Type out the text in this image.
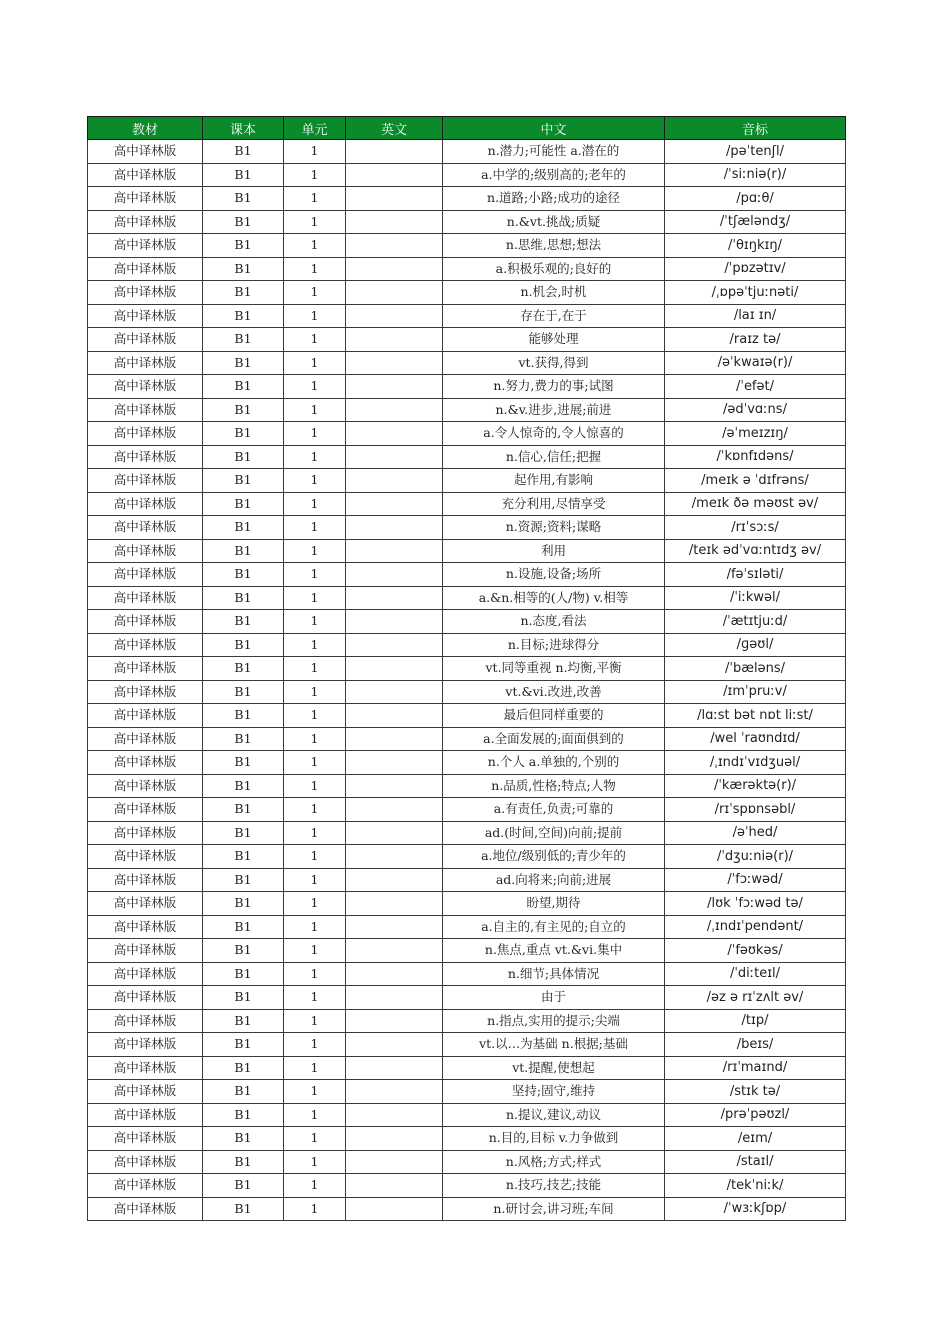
教材	课本	单元	英文	中文	音标
高中译林版	B1	1		n.潜力;可能性 a.潜在的	/pəˈtenʃl/
高中译林版	B1	1		a.中学的;级别高的;老年的	/ˈsiːniə(r)/
高中译林版	B1	1		n.道路;小路;成功的途径	/pɑːθ/
高中译林版	B1	1		n.&vt.挑战;质疑	/ˈtʃæləndʒ/
高中译林版	B1	1		n.思维,思想;想法	/ˈθɪŋkɪŋ/
高中译林版	B1	1		a.积极乐观的;良好的	/ˈpɒzətɪv/
高中译林版	B1	1		n.机会,时机	/ˌɒpəˈtjuːnəti/
高中译林版	B1	1		存在于,在于	/laɪ ɪn/
高中译林版	B1	1		能够处理	/raɪz tə/
高中译林版	B1	1		vt.获得,得到	/əˈkwaɪə(r)/
高中译林版	B1	1		n.努力,费力的事;试图	/ˈefət/
高中译林版	B1	1		n.&v.进步,进展;前进	/ədˈvɑːns/
高中译林版	B1	1		a.令人惊奇的,令人惊喜的	/əˈmeɪzɪŋ/
高中译林版	B1	1		n.信心,信任;把握	/ˈkɒnfɪdəns/
高中译林版	B1	1		起作用,有影响	/meɪk ə ˈdɪfrəns/
高中译林版	B1	1		充分利用,尽情享受	/meɪk ðə məʊst əv/
高中译林版	B1	1		n.资源;资料;谋略	/rɪˈsɔːs/
高中译林版	B1	1		利用	/teɪk ədˈvɑːntɪdʒ əv/
高中译林版	B1	1		n.设施,设备;场所	/fəˈsɪləti/
高中译林版	B1	1		a.&n.相等的(人/物) v.相等	/ˈiːkwəl/
高中译林版	B1	1		n.态度,看法	/ˈætɪtjuːd/
高中译林版	B1	1		n.目标;进球得分	/ɡəʊl/
高中译林版	B1	1		vt.同等重视 n.均衡,平衡	/ˈbæləns/
高中译林版	B1	1		vt.&vi.改进,改善	/ɪmˈpruːv/
高中译林版	B1	1		最后但同样重要的	/lɑːst bət nɒt liːst/
高中译林版	B1	1		a.全面发展的;面面俱到的	/wel ˈraʊndɪd/
高中译林版	B1	1		n.个人 a.单独的,个别的	/ˌɪndɪˈvɪdʒuəl/
高中译林版	B1	1		n.品质,性格;特点;人物	/ˈkærəktə(r)/
高中译林版	B1	1		a.有责任,负责;可靠的	/rɪˈspɒnsəbl/
高中译林版	B1	1		ad.(时间,空间)向前;提前	/əˈhed/
高中译林版	B1	1		a.地位/级别低的;青少年的	/ˈdʒuːniə(r)/
高中译林版	B1	1		ad.向将来;向前;进展	/ˈfɔːwəd/
高中译林版	B1	1		盼望,期待	/lʊk ˈfɔːwəd tə/
高中译林版	B1	1		a.自主的,有主见的;自立的	/ˌɪndɪˈpendənt/
高中译林版	B1	1		n.焦点,重点 vt.&vi.集中	/ˈfəʊkəs/
高中译林版	B1	1		n.细节;具体情况	/ˈdiːteɪl/
高中译林版	B1	1		由于	/əz ə rɪˈzʌlt əv/
高中译林版	B1	1		n.指点,实用的提示;尖端	/tɪp/
高中译林版	B1	1		vt.以…为基础 n.根据;基础	/beɪs/
高中译林版	B1	1		vt.提醒,使想起	/rɪˈmaɪnd/
高中译林版	B1	1		坚持;固守,维持	/stɪk tə/
高中译林版	B1	1		n.提议,建议,动议	/prəˈpəʊzl/
高中译林版	B1	1		n.目的,目标 v.力争做到	/eɪm/
高中译林版	B1	1		n.风格;方式;样式	/staɪl/
高中译林版	B1	1		n.技巧,技艺;技能	/tekˈniːk/
高中译林版	B1	1		n.研讨会,讲习班;车间	/ˈwɜːkʃɒp/
